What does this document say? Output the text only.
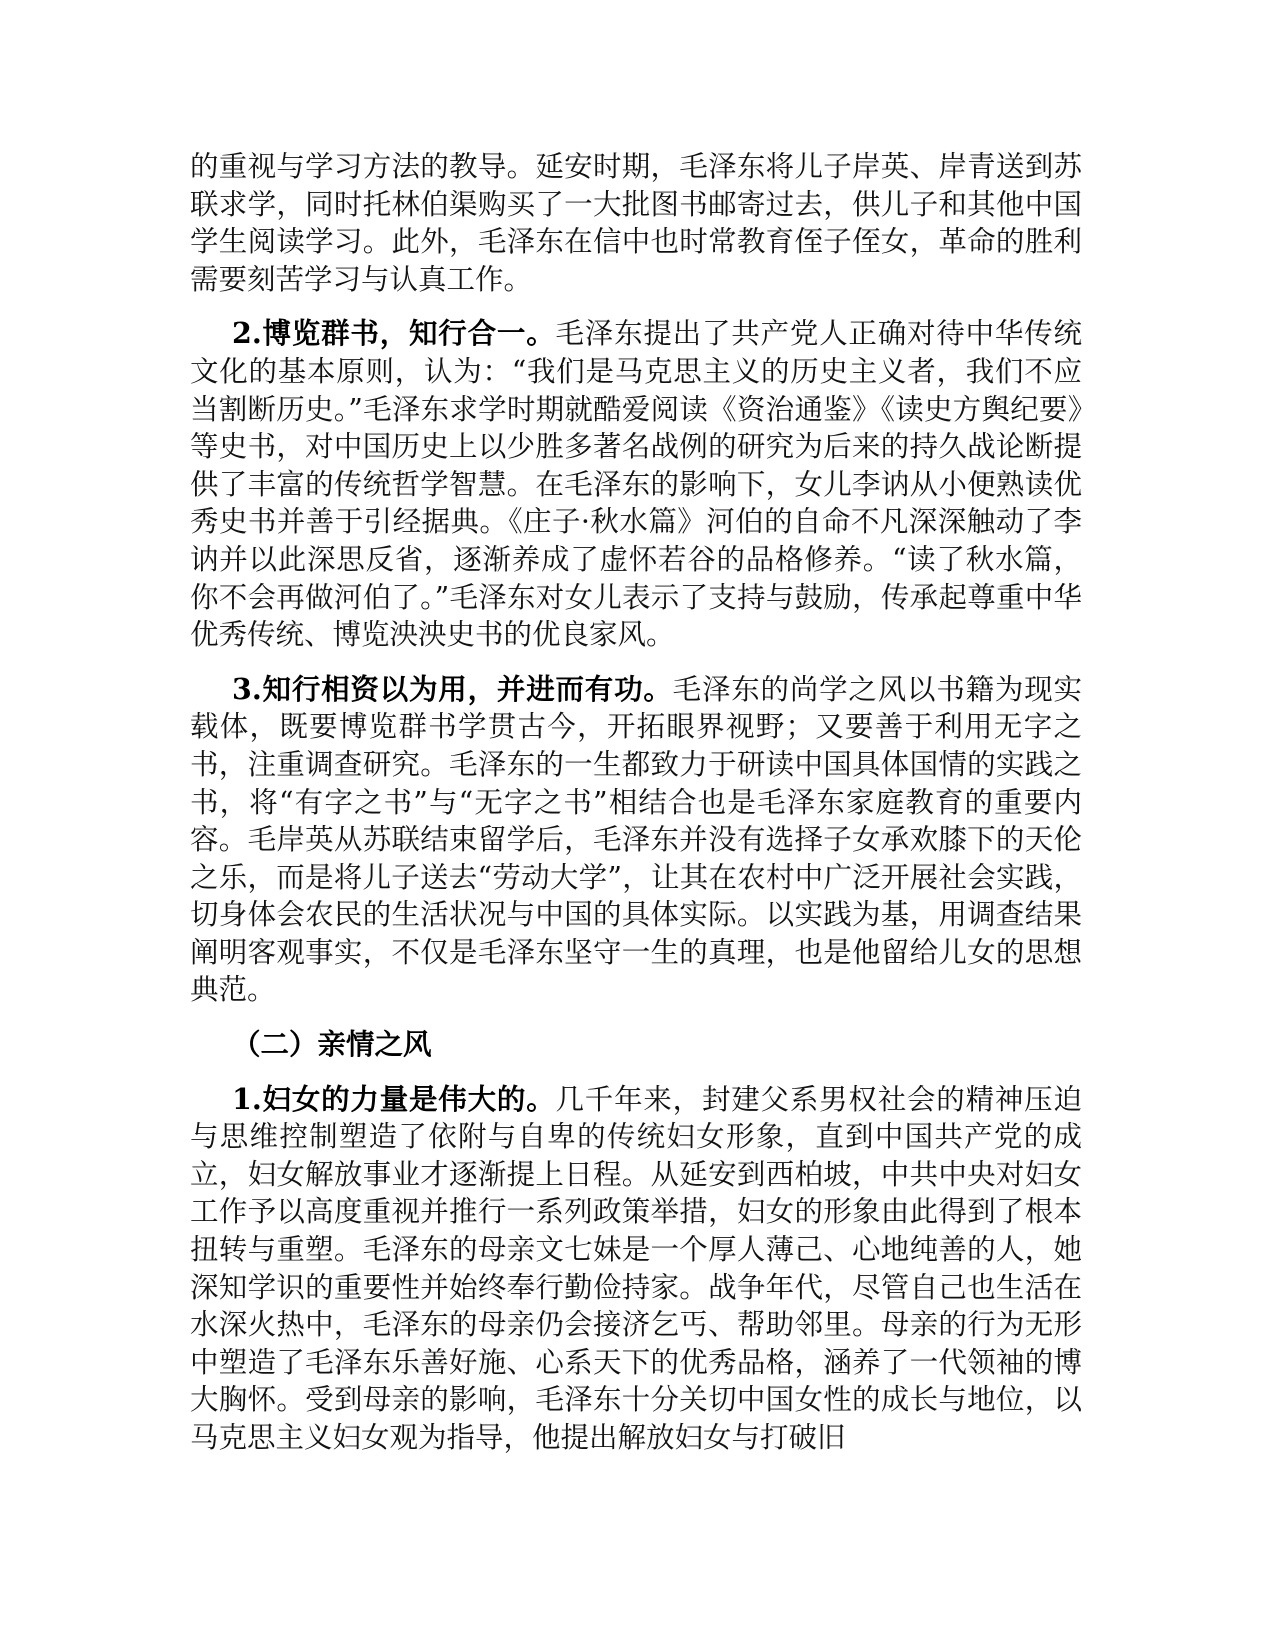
的重视与学习方法的教导。延安时期，毛泽东将儿子岸英、岸青送到苏联求学，同时托林伯渠购买了一大批图书邮寄过去，供儿子和其他中国学生阅读学习。此外，毛泽东在信中也时常教育侄子侄女，革命的胜利需要刻苦学习与认真工作。

2.博览群书，知行合一。毛泽东提出了共产党人正确对待中华传统文化的基本原则，认为：“我们是马克思主义的历史主义者，我们不应当割断历史。”毛泽东求学时期就酷爱阅读《资治通鉴》《读史方舆纪要》等史书，对中国历史上以少胜多著名战例的研究为后来的持久战论断提供了丰富的传统哲学智慧。在毛泽东的影响下，女儿李讷从小便熟读优秀史书并善于引经据典。《庄子·秋水篇》河伯的自命不凡深深触动了李讷并以此深思反省，逐渐养成了虚怀若谷的品格修养。“读了秋水篇，你不会再做河伯了。”毛泽东对女儿表示了支持与鼓励，传承起尊重中华优秀传统、博览泱泱史书的优良家风。

3.知行相资以为用，并进而有功。毛泽东的尚学之风以书籍为现实载体，既要博览群书学贯古今，开拓眼界视野；又要善于利用无字之书，注重调查研究。毛泽东的一生都致力于研读中国具体国情的实践之书，将“有字之书”与“无字之书”相结合也是毛泽东家庭教育的重要内容。毛岸英从苏联结束留学后，毛泽东并没有选择子女承欢膝下的天伦之乐，而是将儿子送去“劳动大学”，让其在农村中广泛开展社会实践，切身体会农民的生活状况与中国的具体实际。以实践为基，用调查结果阐明客观事实，不仅是毛泽东坚守一生的真理，也是他留给儿女的思想典范。

（二）亲情之风

1.妇女的力量是伟大的。几千年来，封建父系男权社会的精神压迫与思维控制塑造了依附与自卑的传统妇女形象，直到中国共产党的成立，妇女解放事业才逐渐提上日程。从延安到西柏坡，中共中央对妇女工作予以高度重视并推行一系列政策举措，妇女的形象由此得到了根本扭转与重塑。毛泽东的母亲文七妹是一个厚人薄己、心地纯善的人，她深知学识的重要性并始终奉行勤俭持家。战争年代，尽管自己也生活在水深火热中，毛泽东的母亲仍会接济乞丐、帮助邻里。母亲的行为无形中塑造了毛泽东乐善好施、心系天下的优秀品格，涵养了一代领袖的博大胸怀。受到母亲的影响，毛泽东十分关切中国女性的成长与地位，以马克思主义妇女观为指导，他提出解放妇女与打破旧
